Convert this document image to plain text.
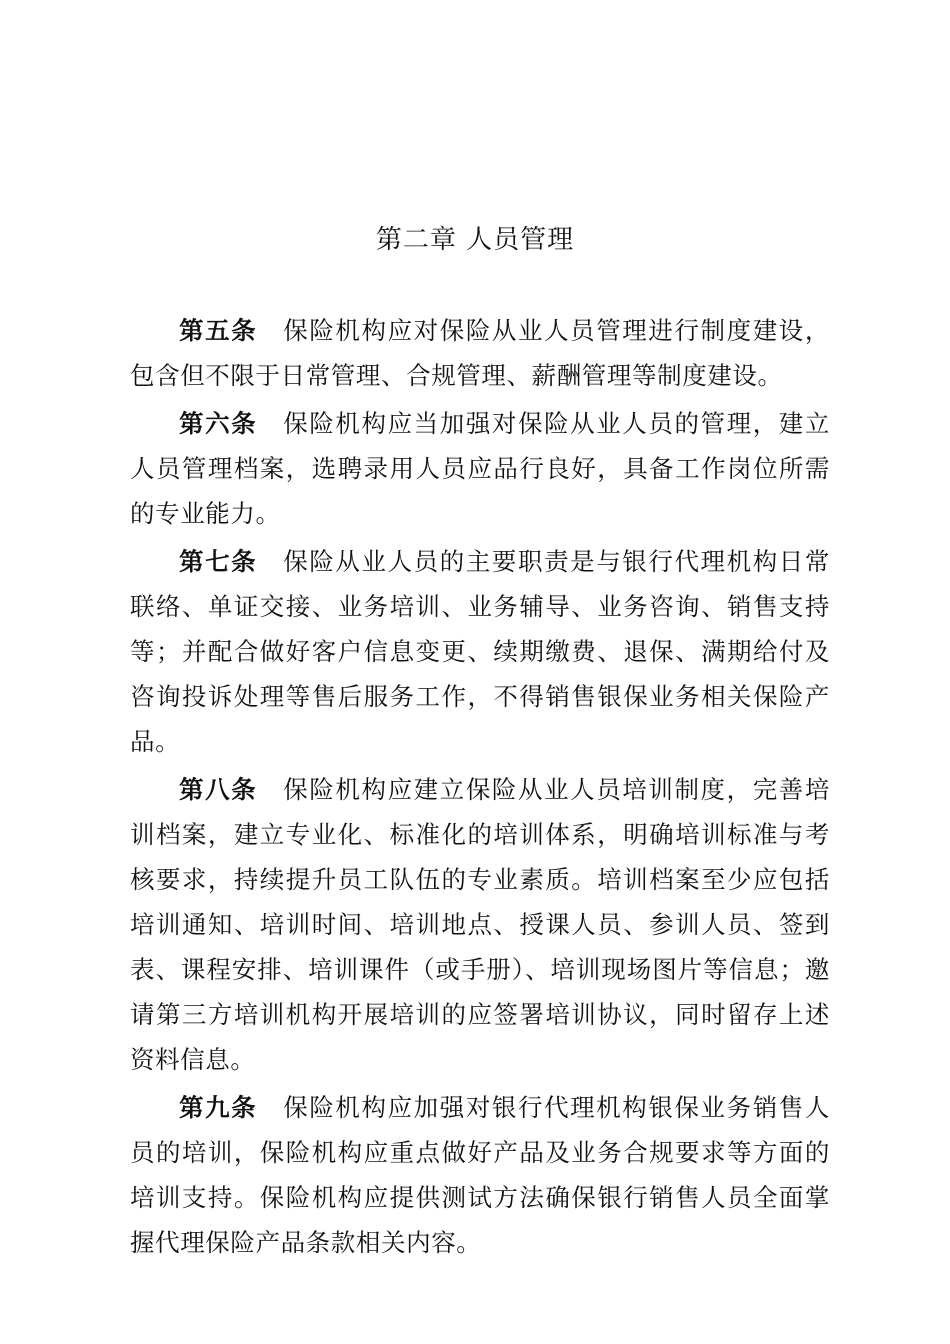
第二章 人员管理

第五条 保险机构应对保险从业人员管理进行制度建设，包含但不限于日常管理、合规管理、薪酬管理等制度建设。

第六条 保险机构应当加强对保险从业人员的管理，建立人员管理档案，选聘录用人员应品行良好，具备工作岗位所需的专业能力。

第七条 保险从业人员的主要职责是与银行代理机构日常联络、单证交接、业务培训、业务辅导、业务咨询、销售支持等；并配合做好客户信息变更、续期缴费、退保、满期给付及咨询投诉处理等售后服务工作，不得销售银保业务相关保险产品。

第八条 保险机构应建立保险从业人员培训制度，完善培训档案，建立专业化、标准化的培训体系，明确培训标准与考核要求，持续提升员工队伍的专业素质。培训档案至少应包括培训通知、培训时间、培训地点、授课人员、参训人员、签到表、课程安排、培训课件（或手册）、培训现场图片等信息；邀请第三方培训机构开展培训的应签署培训协议，同时留存上述资料信息。

第九条 保险机构应加强对银行代理机构银保业务销售人员的培训，保险机构应重点做好产品及业务合规要求等方面的培训支持。保险机构应提供测试方法确保银行销售人员全面掌握代理保险产品条款相关内容。
